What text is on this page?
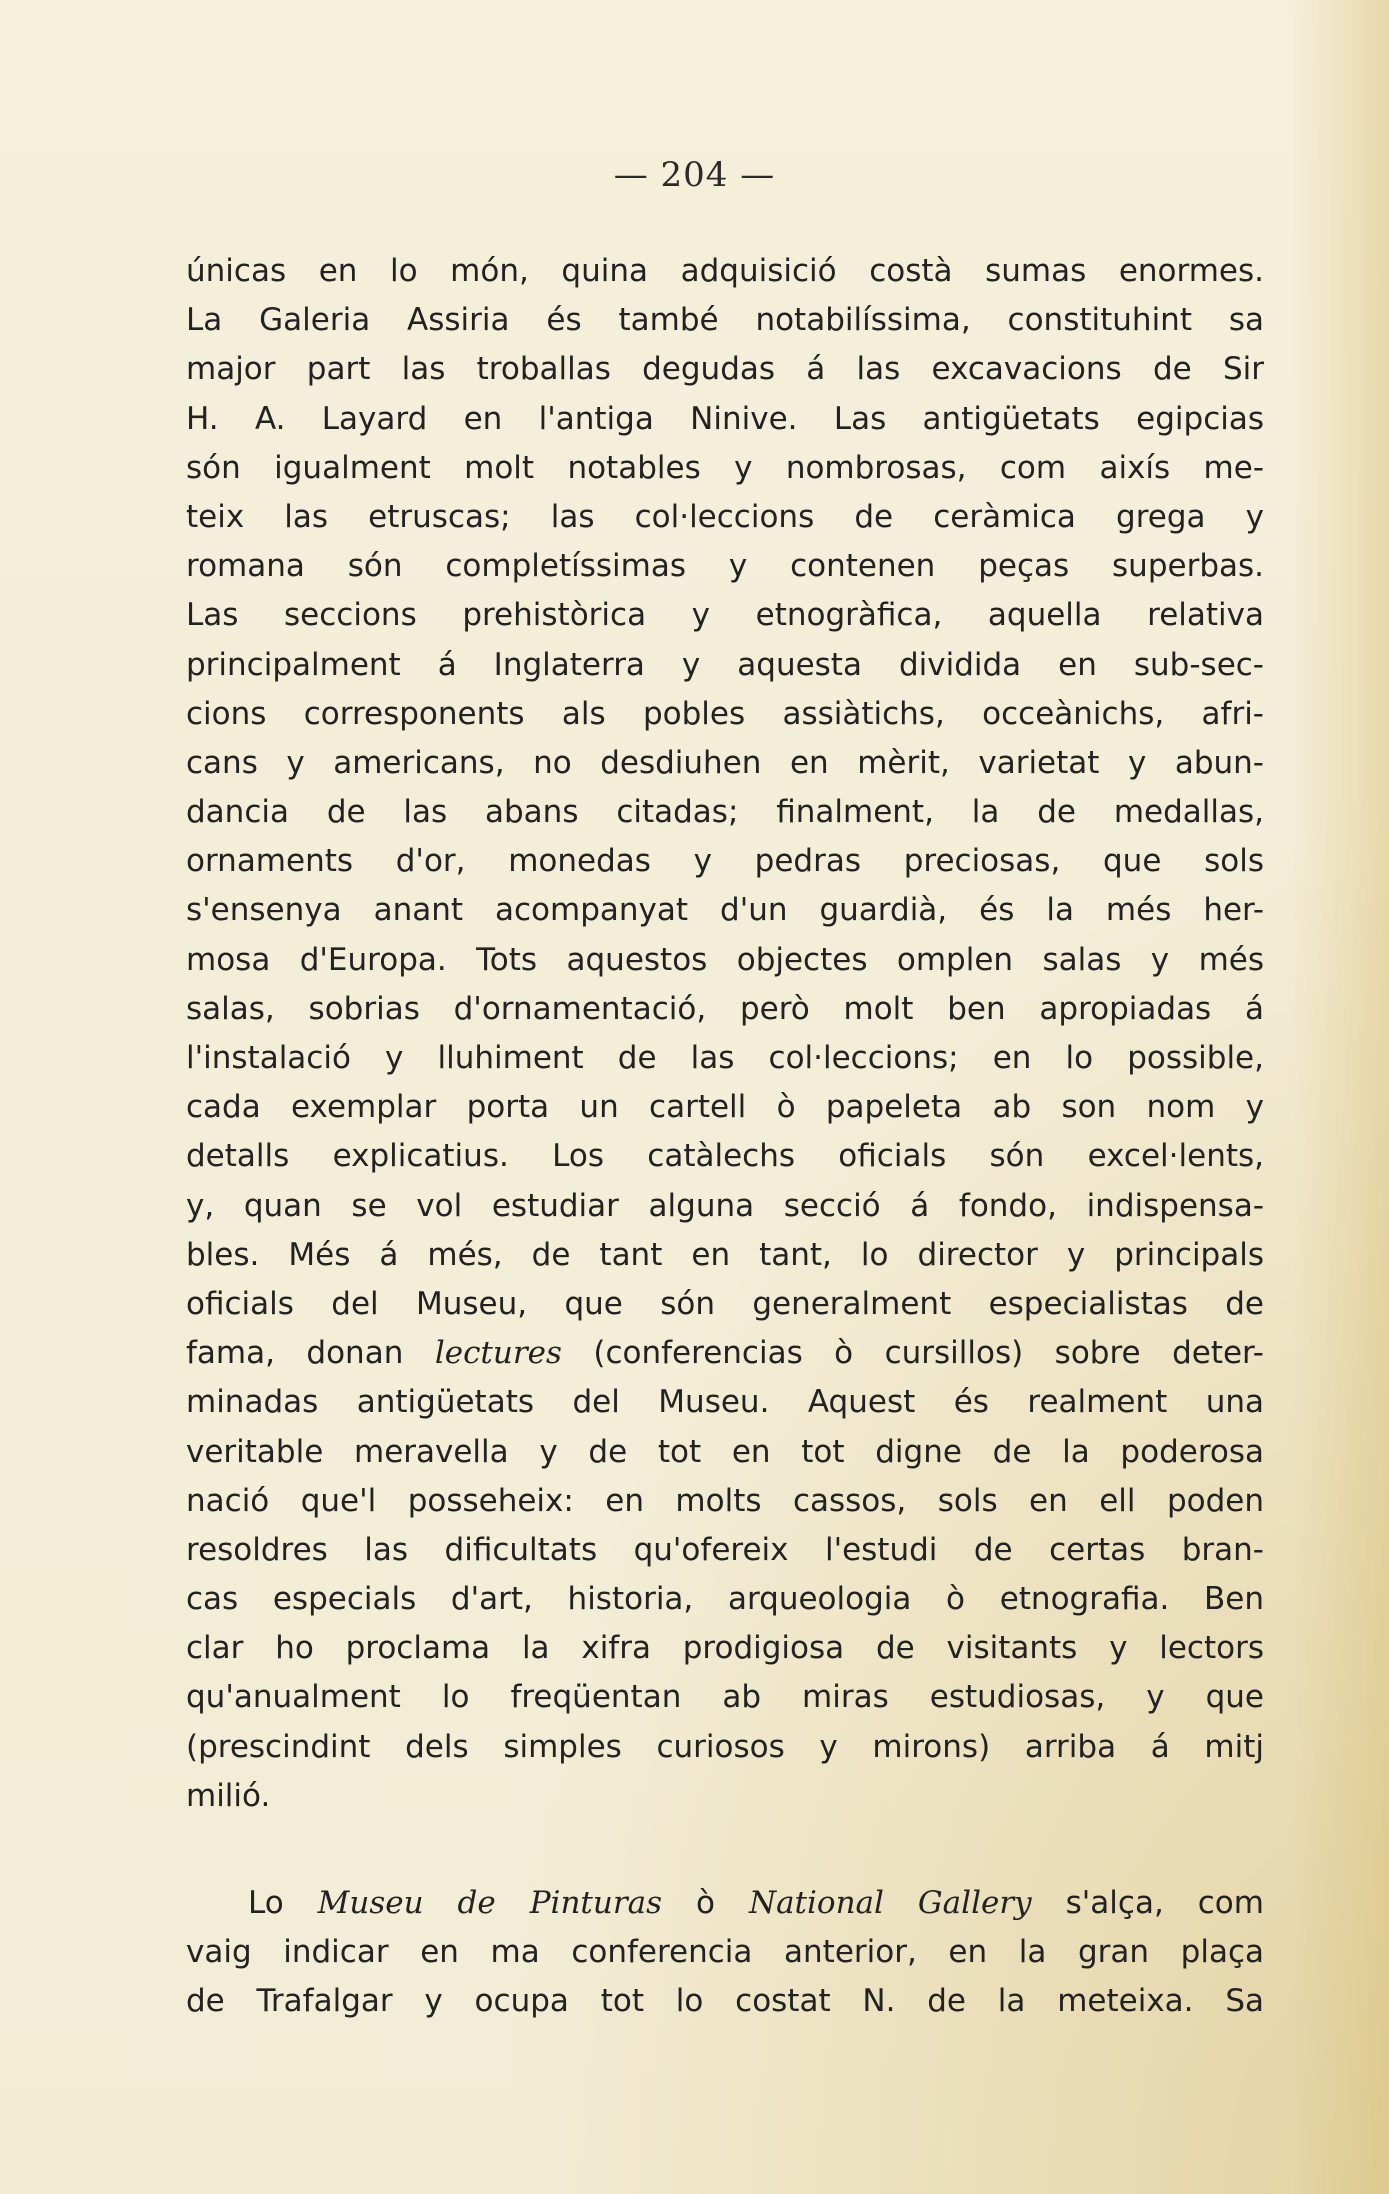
— 204 —
únicas en lo món, quina adquisició costà sumas enormes.
La Galeria Assiria és també notabilíssima, constituhint sa
major part las troballas degudas á las excavacions de Sir
H. A. Layard en l'antiga Ninive. Las antigüetats egipcias
són igualment molt notables y nombrosas, com aixís me-
teix las etruscas; las col·leccions de ceràmica grega y
romana són completíssimas y contenen peças superbas.
Las seccions prehistòrica y etnogràfica, aquella relativa
principalment á Inglaterra y aquesta dividida en sub-sec-
cions corresponents als pobles assiàtichs, occeànichs, afri-
cans y americans, no desdiuhen en mèrit, varietat y abun-
dancia de las abans citadas; finalment, la de medallas,
ornaments d'or, monedas y pedras preciosas, que sols
s'ensenya anant acompanyat d'un guardià, és la més her-
mosa d'Europa. Tots aquestos objectes omplen salas y més
salas, sobrias d'ornamentació, però molt ben apropiadas á
l'instalació y lluhiment de las col·leccions; en lo possible,
cada exemplar porta un cartell ò papeleta ab son nom y
detalls explicatius. Los catàlechs oficials són excel·lents,
y, quan se vol estudiar alguna secció á fondo, indispensa-
bles. Més á més, de tant en tant, lo director y principals
oficials del Museu, que són generalment especialistas de
fama, donan lectures (conferencias ò cursillos) sobre deter-
minadas antigüetats del Museu. Aquest és realment una
veritable meravella y de tot en tot digne de la poderosa
nació que'l posseheix: en molts cassos, sols en ell poden
resoldres las dificultats qu'ofereix l'estudi de certas bran-
cas especials d'art, historia, arqueologia ò etnografia. Ben
clar ho proclama la xifra prodigiosa de visitants y lectors
qu'anualment lo freqüentan ab miras estudiosas, y que
(prescindint dels simples curiosos y mirons) arriba á mitj
milió.
Lo Museu de Pinturas ò National Gallery s'alça, com
vaig indicar en ma conferencia anterior, en la gran plaça
de Trafalgar y ocupa tot lo costat N. de la meteixa. Sa
